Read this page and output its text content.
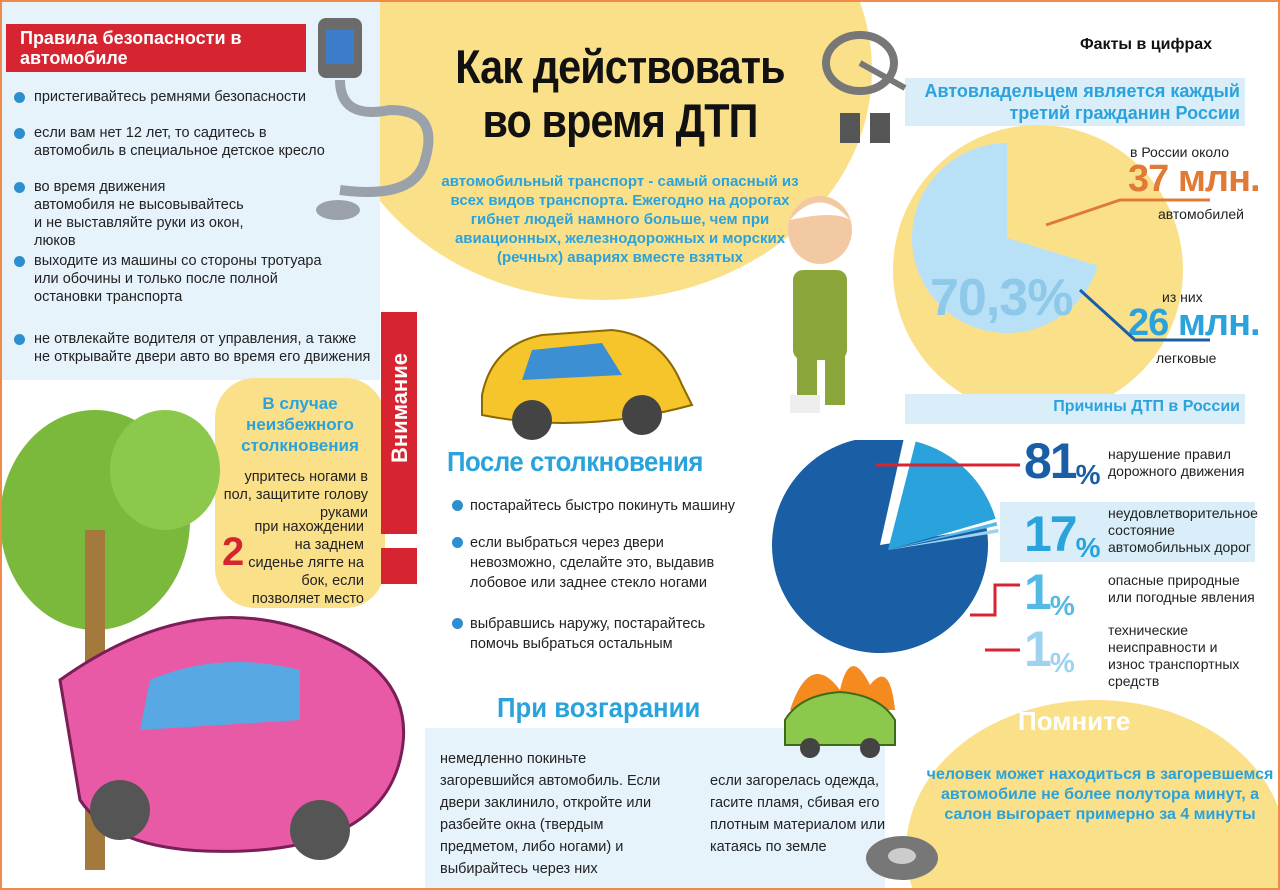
Правила безопасности в автомобиле
пристегивайтесь ремнями безопасности
если вам нет 12 лет, то садитесь в автомобиль в специальное детское кресло
во время движения автомобиля не высовывайтесь и не выставляйте руки из окон, люков
выходите из машины со стороны тротуара или обочины и только после полной остановки транспорта
не отвлекайте водителя от управления, а также не открывайте двери авто во время его движения
Как действовать во время ДТП
автомобильный транспорт - самый опасный из всех видов транспорта. Ежегодно на дорогах гибнет людей намного больше, чем при авиационных, железнодорожных и морских (речных) авариях вместе взятых
Факты в цифрах
Автовладельцем является каждый третий гражданин России
70,3%
в России около
37 млн.
автомобилей
из них
26 млн.
легковые
Причины ДТП в России
$81_{\%}$
нарушение правил дорожного движения
$17_{\%}$
неудовлетворительное состояние автомобильных дорог
$1_{\%}$
опасные природные или погодные явления
$1_{\%}$
технические неисправности и износ транспортных средств
Внимание
В случае неизбежного столкновения
упритесь ногами в пол, защитите голову руками
2
при нахождении на заднем сиденье лягте на бок, если позволяет место
После столкновения
постарайтесь быстро покинуть машину
если выбраться через двери невозможно, сделайте это, выдавив лобовое или заднее стекло ногами
выбравшись наружу, постарайтесь помочь выбраться остальным
При возгарании
немедленно покиньте загоревшийся автомобиль. Если двери заклинило, откройте или разбейте окна (твердым предметом, либо ногами) и выбирайтесь через них
если загорелась одежда, гасите пламя, сбивая его плотным материалом или катаясь по земле
Помните
человек может находиться в загоревшемся автомобиле не более полутора минут, а салон выгорает примерно за 4 минуты
